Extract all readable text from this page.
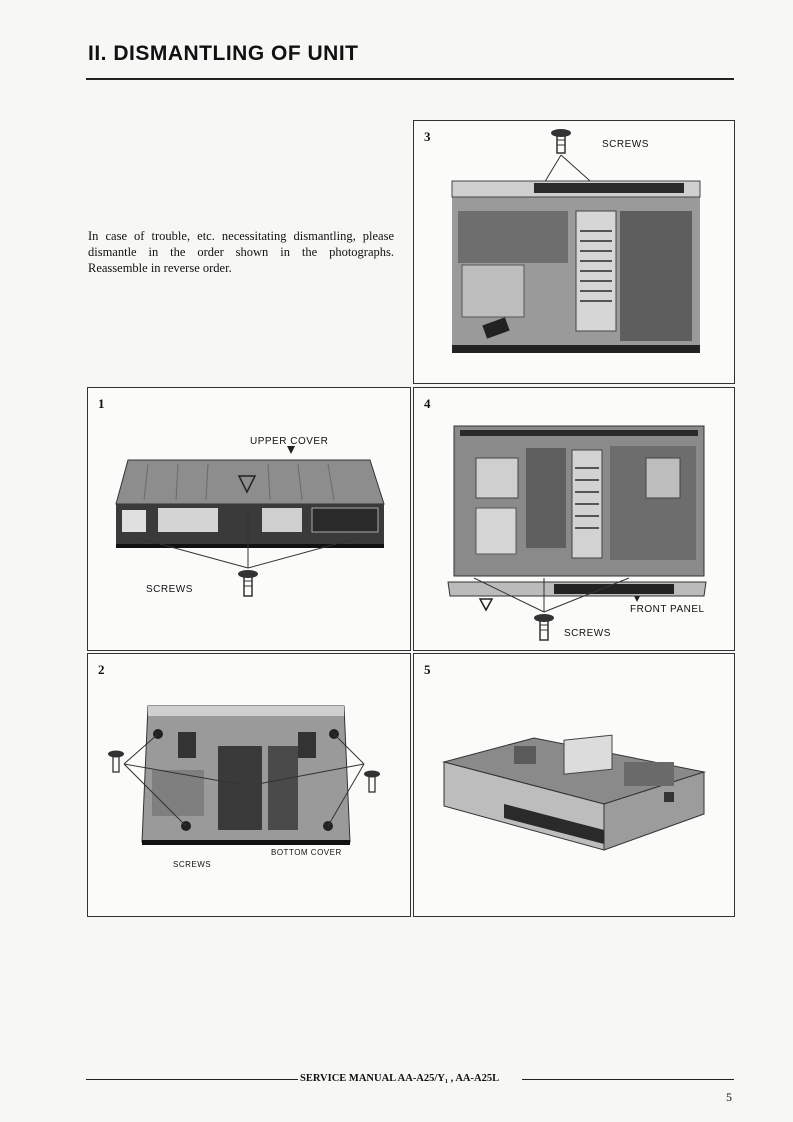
II. DISMANTLING OF UNIT
In case of trouble, etc. necessitating dismantling, please dismantle in the order shown in the photographs. Reassemble in reverse order.
3
SCREWS
1
UPPER COVER
SCREWS
4
FRONT PANEL
SCREWS
2
BOTTOM COVER
SCREWS
5
SERVICE MANUAL AA-A25/Y₁ , AA-A25L
5
